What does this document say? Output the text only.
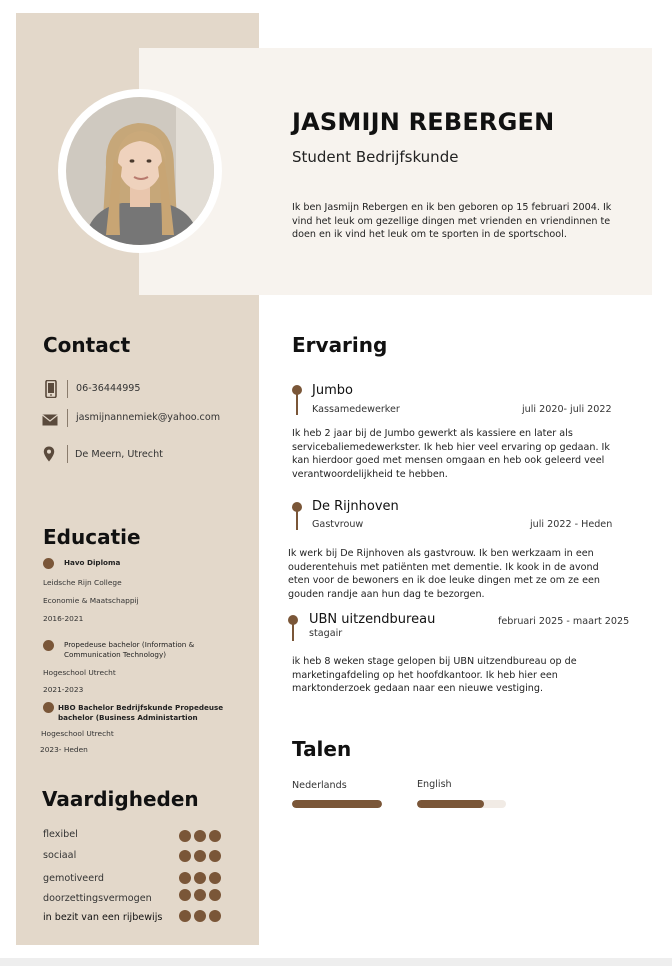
JASMIJN REBERGEN
Student Bedrijfskunde
Ik ben Jasmijn Rebergen en ik ben geboren op 15 februari 2004. Ik vind het leuk om gezellige dingen met vrienden en vriendinnen te doen en ik vind het leuk om te sporten in de sportschool.
Contact
06-36444995
jasmijnannemiek@yahoo.com
De Meern, Utrecht
Educatie
Havo Diploma
Leidsche Rijn College
Economie & Maatschappij
2016-2021
Propedeuse bachelor (Information & Communication Technology)
Hogeschool Utrecht
2021-2023
HBO Bachelor Bedrijfskunde Propedeuse bachelor (Business Administartion
Hogeschool Utrecht
2023- Heden
Vaardigheden
flexibel
sociaal
gemotiveerd
doorzettingsvermogen
in bezit van een rijbewijs
Ervaring
Jumbo
Kassamedewerker	juli 2020- juli 2022
Ik heb 2 jaar bij de Jumbo gewerkt als kassiere en later als servicebaliemedewerkster. Ik heb hier veel ervaring op gedaan. Ik kan hierdoor goed met mensen omgaan en heb ook geleerd veel verantwoordelijkheid te hebben.
De Rijnhoven
Gastvrouw	juli 2022 - Heden
Ik werk bij De Rijnhoven als gastvrouw. Ik ben werkzaam in een ouderentehuis met patiënten met dementie. Ik kook in de avond eten voor de bewoners en ik doe leuke dingen met ze om ze een gouden randje aan hun dag te bezorgen.
UBN uitzendbureau
stagair
februari 2025 - maart 2025
ik heb 8 weken stage gelopen bij UBN uitzendbureau op de marketingafdeling op het hoofdkantoor. Ik heb hier een marktonderzoek gedaan naar een nieuwe vestiging.
Talen
Nederlands	English
